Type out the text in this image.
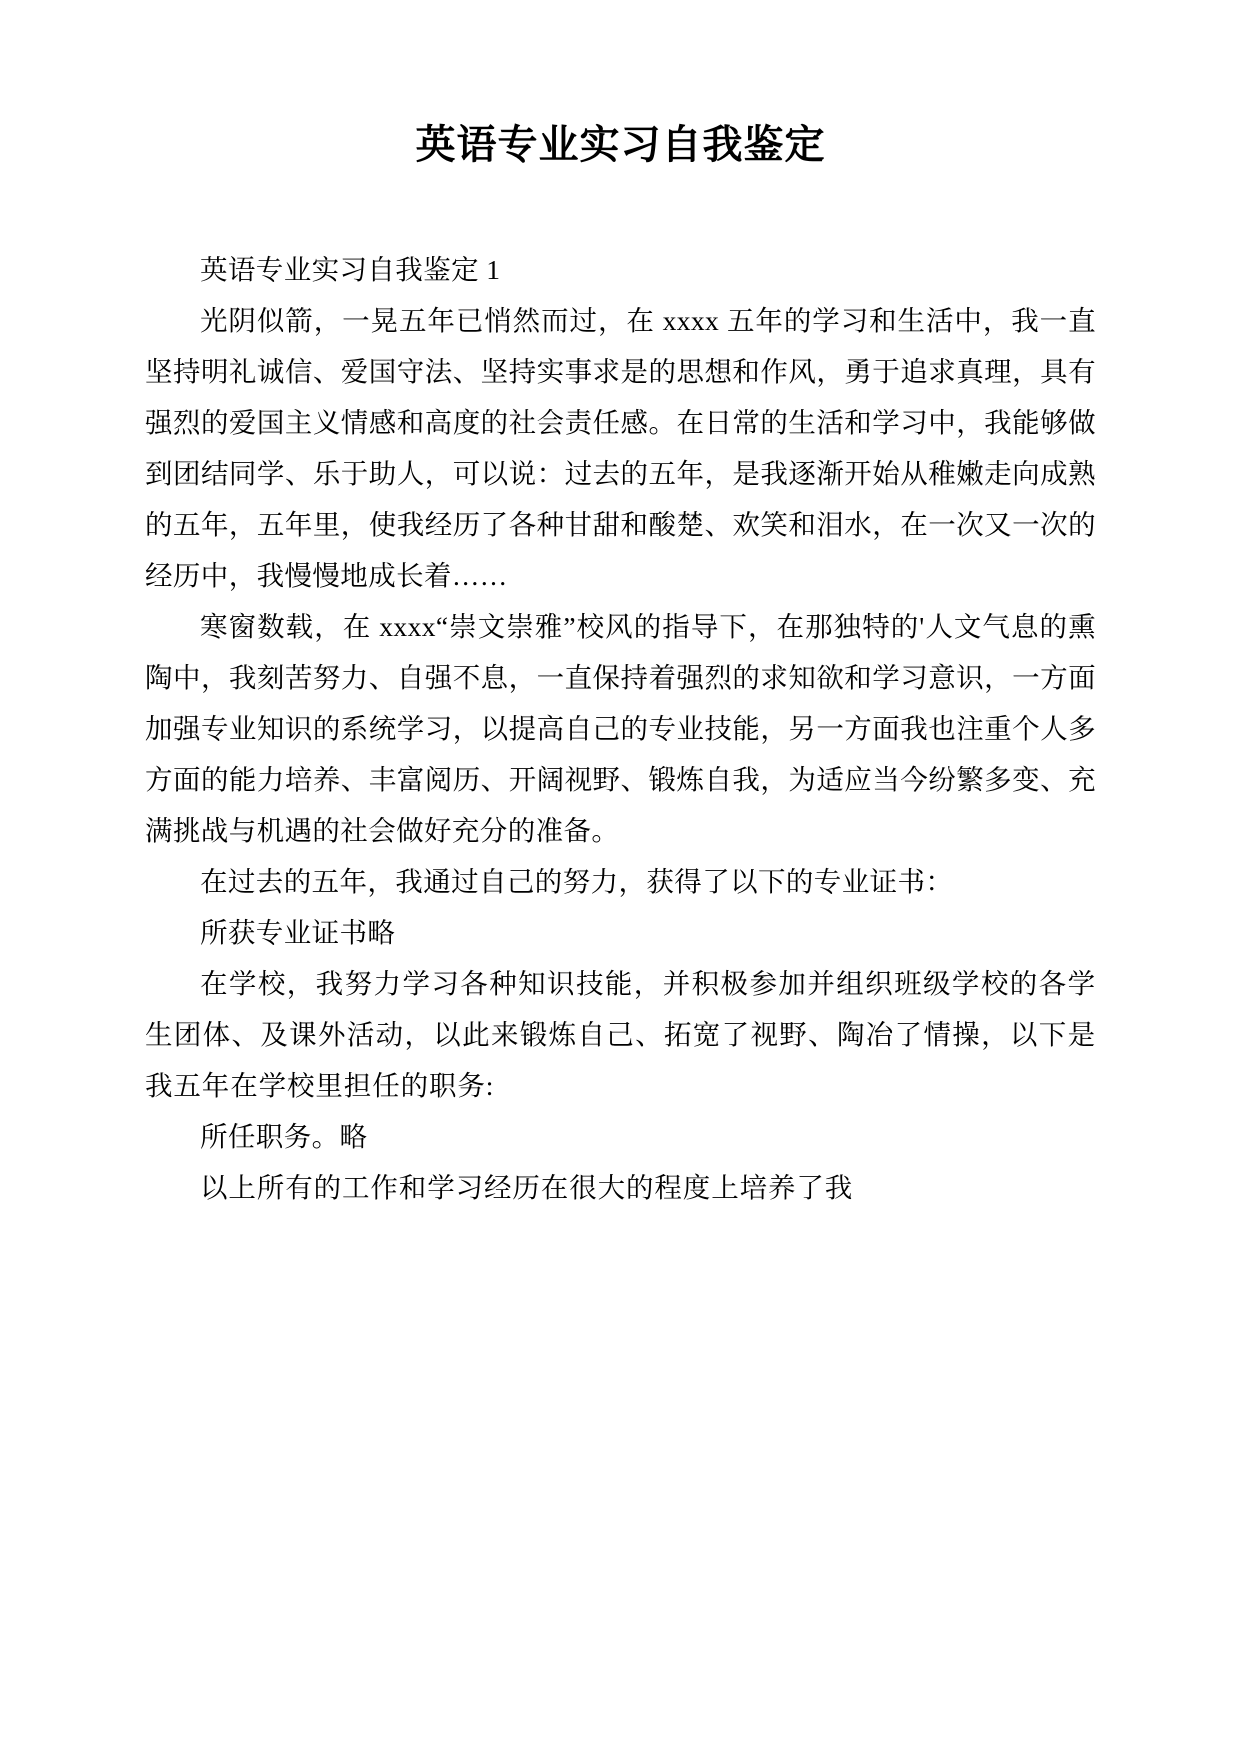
英语专业实习自我鉴定

英语专业实习自我鉴定 1

光阴似箭，一晃五年已悄然而过，在 xxxx 五年的学习和生活中，我一直坚持明礼诚信、爱国守法、坚持实事求是的思想和作风，勇于追求真理，具有强烈的爱国主义情感和高度的社会责任感。在日常的生活和学习中，我能够做到团结同学、乐于助人，可以说：过去的五年，是我逐渐开始从稚嫩走向成熟的五年，五年里，使我经历了各种甘甜和酸楚、欢笑和泪水，在一次又一次的经历中，我慢慢地成长着……

寒窗数载，在 xxxx“崇文崇雅”校风的指导下，在那独特的'人文气息的熏陶中，我刻苦努力、自强不息，一直保持着强烈的求知欲和学习意识，一方面加强专业知识的系统学习，以提高自己的专业技能，另一方面我也注重个人多方面的能力培养、丰富阅历、开阔视野、锻炼自我，为适应当今纷繁多变、充满挑战与机遇的社会做好充分的准备。

在过去的五年，我通过自己的努力，获得了以下的专业证书：

所获专业证书略

在学校，我努力学习各种知识技能，并积极参加并组织班级学校的各学生团体、及课外活动，以此来锻炼自己、拓宽了视野、陶冶了情操，以下是我五年在学校里担任的职务:

所任职务。略

以上所有的工作和学习经历在很大的程度上培养了我
